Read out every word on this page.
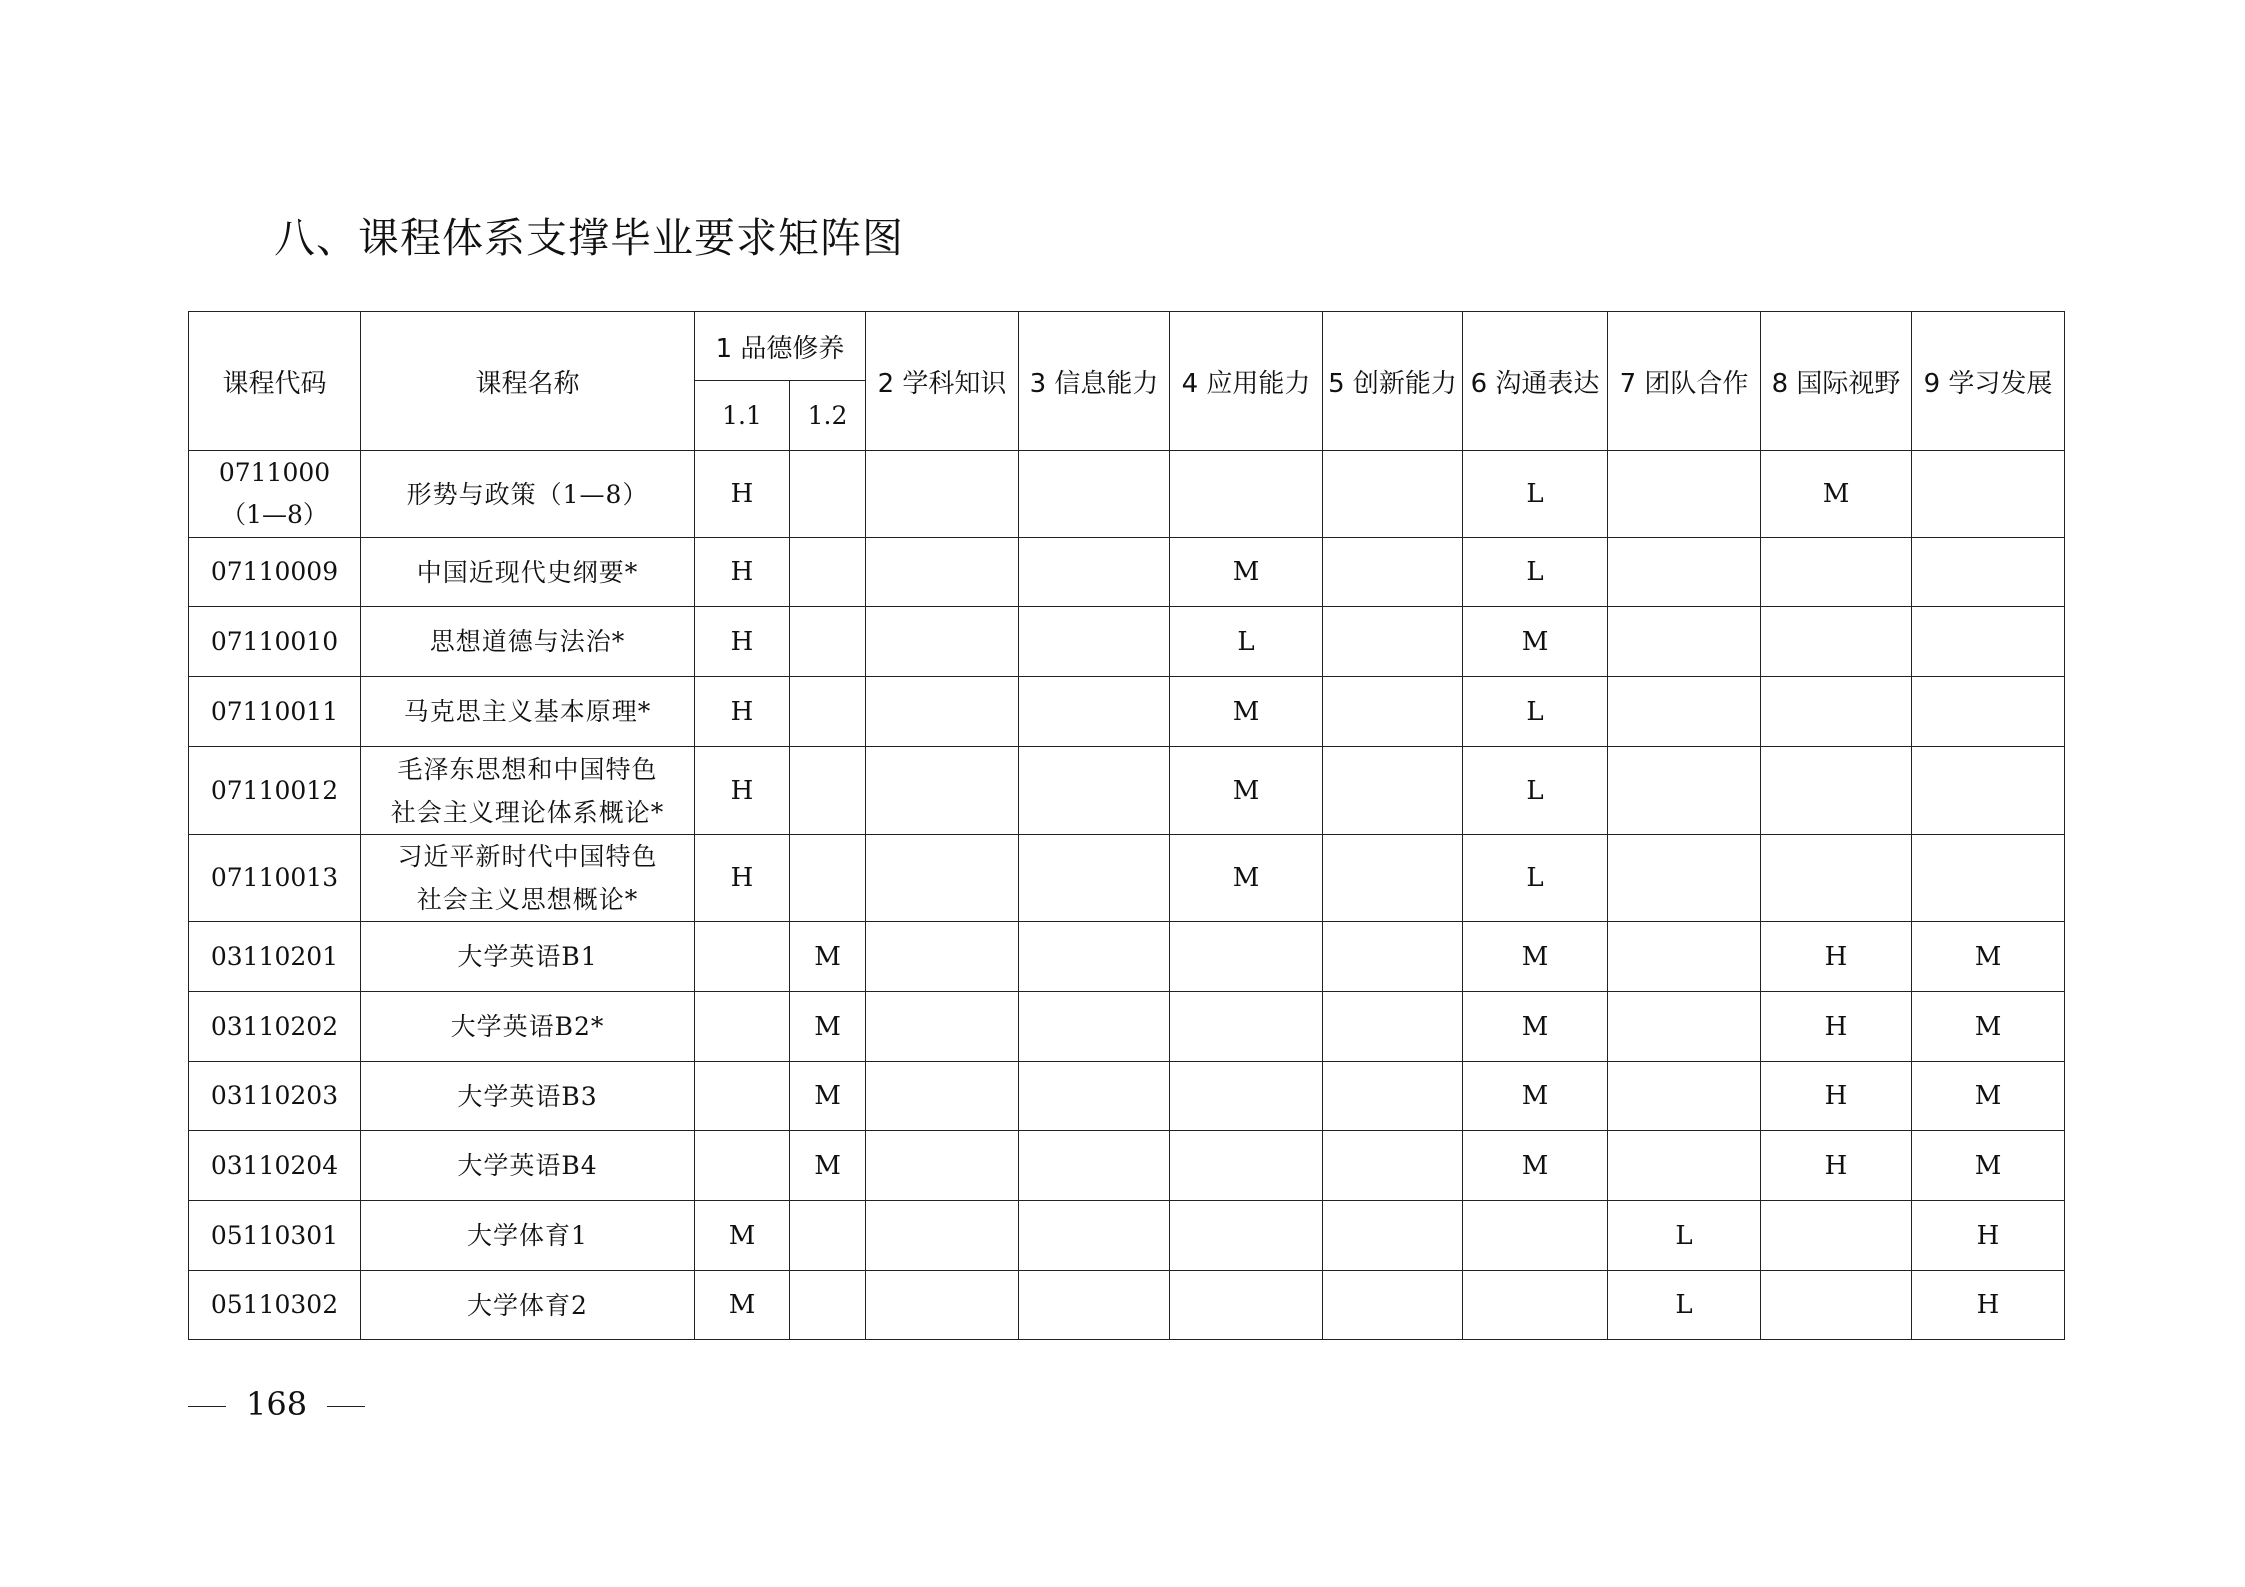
八、课程体系支撑毕业要求矩阵图
课程代码	课程名称	1 品德修养		2 学科知识	3 信息能力	4 应用能力	5 创新能力	6 沟通表达	7 团队合作	8 国际视野	9 学习发展
		1.1	1.2								

0711000
（1—8）	形势与政策（1—8）	H						L		M	

07110009	中国近现代史纲要*	H				M		L			

07110010	思想道德与法治*	H				L		M			

07110011	马克思主义基本原理*	H				M		L			

07110012	毛泽东思想和中国特色
社会主义理论体系概论*	H				M		L			

07110013	习近平新时代中国特色
社会主义思想概论*	H				M		L			

03110201	大学英语B1		M					M		H	M

03110202	大学英语B2*		M					M		H	M

03110203	大学英语B3		M					M		H	M

03110204	大学英语B4		M					M		H	M

05110301	大学体育1	M							L		H

05110302	大学体育2	M							L		H
168
